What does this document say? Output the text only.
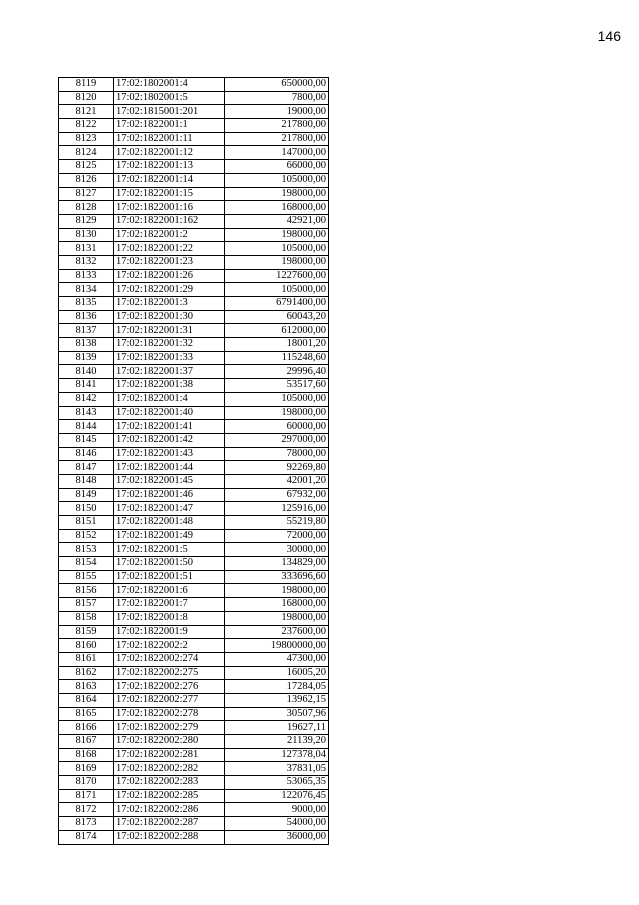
146
8119	17:02:1802001:4	650000,00
8120	17:02:1802001:5	7800,00
8121	17:02:1815001:201	19000,00
8122	17:02:1822001:1	217800,00
8123	17:02:1822001:11	217800,00
8124	17:02:1822001:12	147000,00
8125	17:02:1822001:13	66000,00
8126	17:02:1822001:14	105000,00
8127	17:02:1822001:15	198000,00
8128	17:02:1822001:16	168000,00
8129	17:02:1822001:162	42921,00
8130	17:02:1822001:2	198000,00
8131	17:02:1822001:22	105000,00
8132	17:02:1822001:23	198000,00
8133	17:02:1822001:26	1227600,00
8134	17:02:1822001:29	105000,00
8135	17:02:1822001:3	6791400,00
8136	17:02:1822001:30	60043,20
8137	17:02:1822001:31	612000,00
8138	17:02:1822001:32	18001,20
8139	17:02:1822001:33	115248,60
8140	17:02:1822001:37	29996,40
8141	17:02:1822001:38	53517,60
8142	17:02:1822001:4	105000,00
8143	17:02:1822001:40	198000,00
8144	17:02:1822001:41	60000,00
8145	17:02:1822001:42	297000,00
8146	17:02:1822001:43	78000,00
8147	17:02:1822001:44	92269,80
8148	17:02:1822001:45	42001,20
8149	17:02:1822001:46	67932,00
8150	17:02:1822001:47	125916,00
8151	17:02:1822001:48	55219,80
8152	17:02:1822001:49	72000,00
8153	17:02:1822001:5	30000,00
8154	17:02:1822001:50	134829,00
8155	17:02:1822001:51	333696,60
8156	17:02:1822001:6	198000,00
8157	17:02:1822001:7	168000,00
8158	17:02:1822001:8	198000,00
8159	17:02:1822001:9	237600,00
8160	17:02:1822002:2	19800000,00
8161	17:02:1822002:274	47300,00
8162	17:02:1822002:275	16005,20
8163	17:02:1822002:276	17284,05
8164	17:02:1822002:277	13962,15
8165	17:02:1822002:278	30507,96
8166	17:02:1822002:279	19627,11
8167	17:02:1822002:280	21139,20
8168	17:02:1822002:281	127378,04
8169	17:02:1822002:282	37831,05
8170	17:02:1822002:283	53065,35
8171	17:02:1822002:285	122076,45
8172	17:02:1822002:286	9000,00
8173	17:02:1822002:287	54000,00
8174	17:02:1822002:288	36000,00
